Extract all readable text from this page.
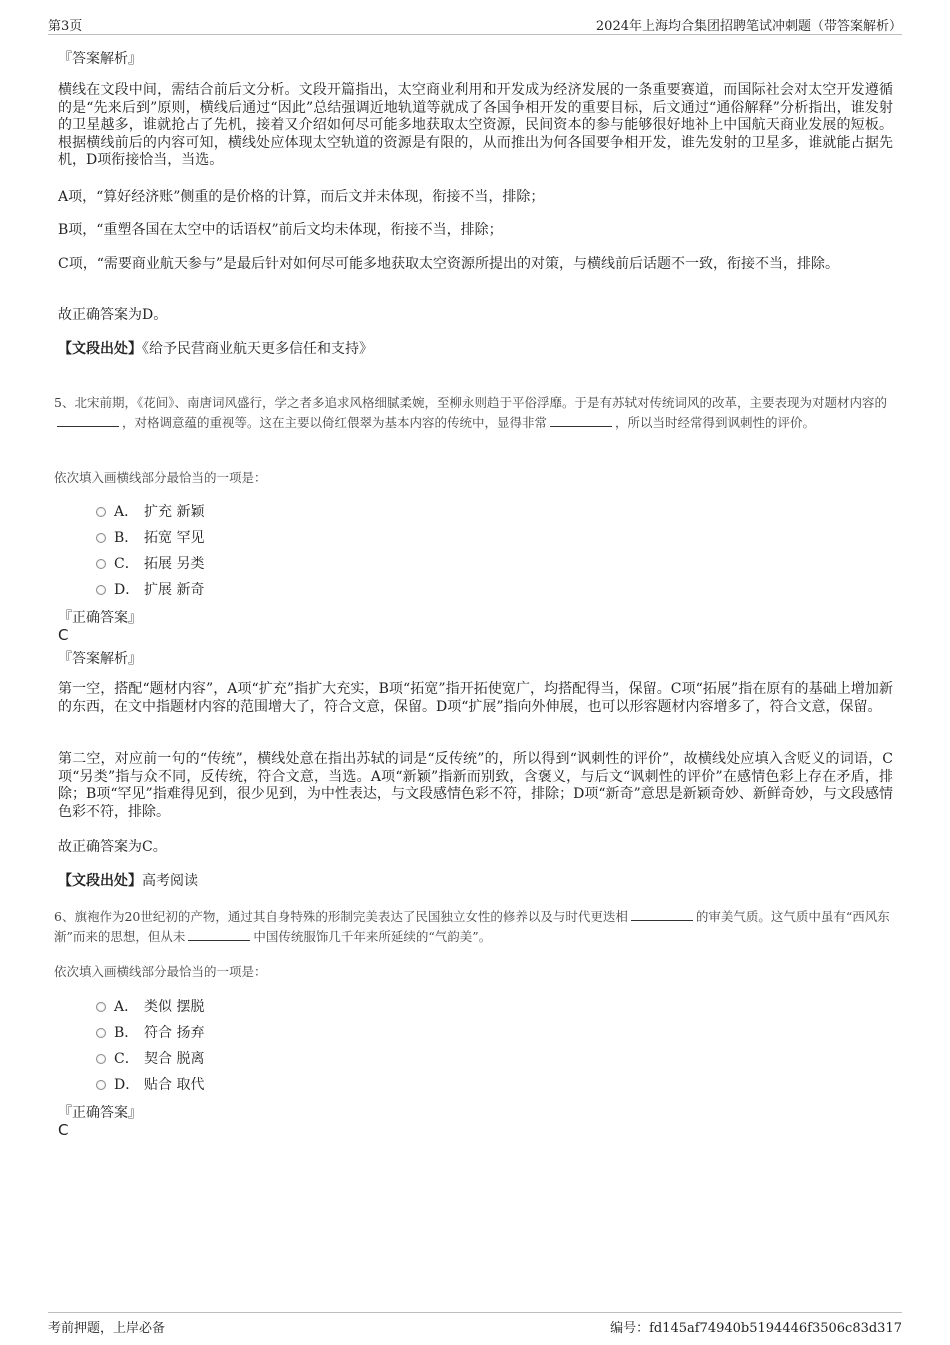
第3页	2024年上海均合集团招聘笔试冲刺题（带答案解析）
『答案解析』
横线在文段中间，需结合前后文分析。文段开篇指出，太空商业利用和开发成为经济发展的一条重要赛道，而国际社会对太空开发遵循的是“先来后到”原则，横线后通过“因此”总结强调近地轨道等就成了各国争相开发的重要目标，后文通过“通俗解释”分析指出，谁发射的卫星越多，谁就抢占了先机，接着又介绍如何尽可能多地获取太空资源，民间资本的参与能够很好地补上中国航天商业发展的短板。根据横线前后的内容可知，横线处应体现太空轨道的资源是有限的，从而推出为何各国要争相开发，谁先发射的卫星多，谁就能占据先机，D项衔接恰当，当选。
A项，“算好经济账”侧重的是价格的计算，而后文并未体现，衔接不当，排除；
B项，“重塑各国在太空中的话语权”前后文均未体现，衔接不当，排除；
C项，“需要商业航天参与”是最后针对如何尽可能多地获取太空资源所提出的对策，与横线前后话题不一致，衔接不当，排除。
故正确答案为D。
【文段出处】《给予民营商业航天更多信任和支持》
5、北宋前期，《花间》、南唐词风盛行，学之者多追求风格细腻柔婉，至柳永则趋于平俗浮靡。于是有苏轼对传统词风的改革，主要表现为对题材内容的，对格调意蕴的重视等。这在主要以倚红偎翠为基本内容的传统中，显得非常	，所以当时经常得到讽刺性的评价。
依次填入画横线部分最恰当的一项是：
A． 扩充 新颖
B． 拓宽 罕见
C． 拓展 另类
D． 扩展 新奇
『正确答案』
C
『答案解析』
第一空，搭配“题材内容”，A项“扩充”指扩大充实，B项“拓宽”指开拓使宽广，均搭配得当，保留。C项“拓展”指在原有的基础上增加新的东西，在文中指题材内容的范围增大了，符合文意，保留。D项“扩展”指向外伸展，也可以形容题材内容增多了，符合文意，保留。
第二空，对应前一句的“传统”，横线处意在指出苏轼的词是“反传统”的，所以得到“讽刺性的评价”，故横线处应填入含贬义的词语，C项“另类”指与众不同，反传统，符合文意，当选。A项“新颖”指新而别致，含褒义，与后文“讽刺性的评价”在感情色彩上存在矛盾，排除；B项“罕见”指难得见到，很少见到，为中性表达，与文段感情色彩不符，排除；D项“新奇”意思是新颖奇妙、新鲜奇妙，与文段感情色彩不符，排除。
故正确答案为C。
【文段出处】高考阅读
6、旗袍作为20世纪初的产物，通过其自身特殊的形制完美表达了民国独立女性的修养以及与时代更迭相	的审美气质。这气质中虽有“西风东渐”而来的思想，但从未	中国传统服饰几千年来所延续的“气韵美”。
依次填入画横线部分最恰当的一项是：
A． 类似 摆脱
B． 符合 扬弃
C． 契合 脱离
D． 贴合 取代
『正确答案』
C
考前押题，上岸必备	编号：fd145af74940b5194446f3506c83d317
